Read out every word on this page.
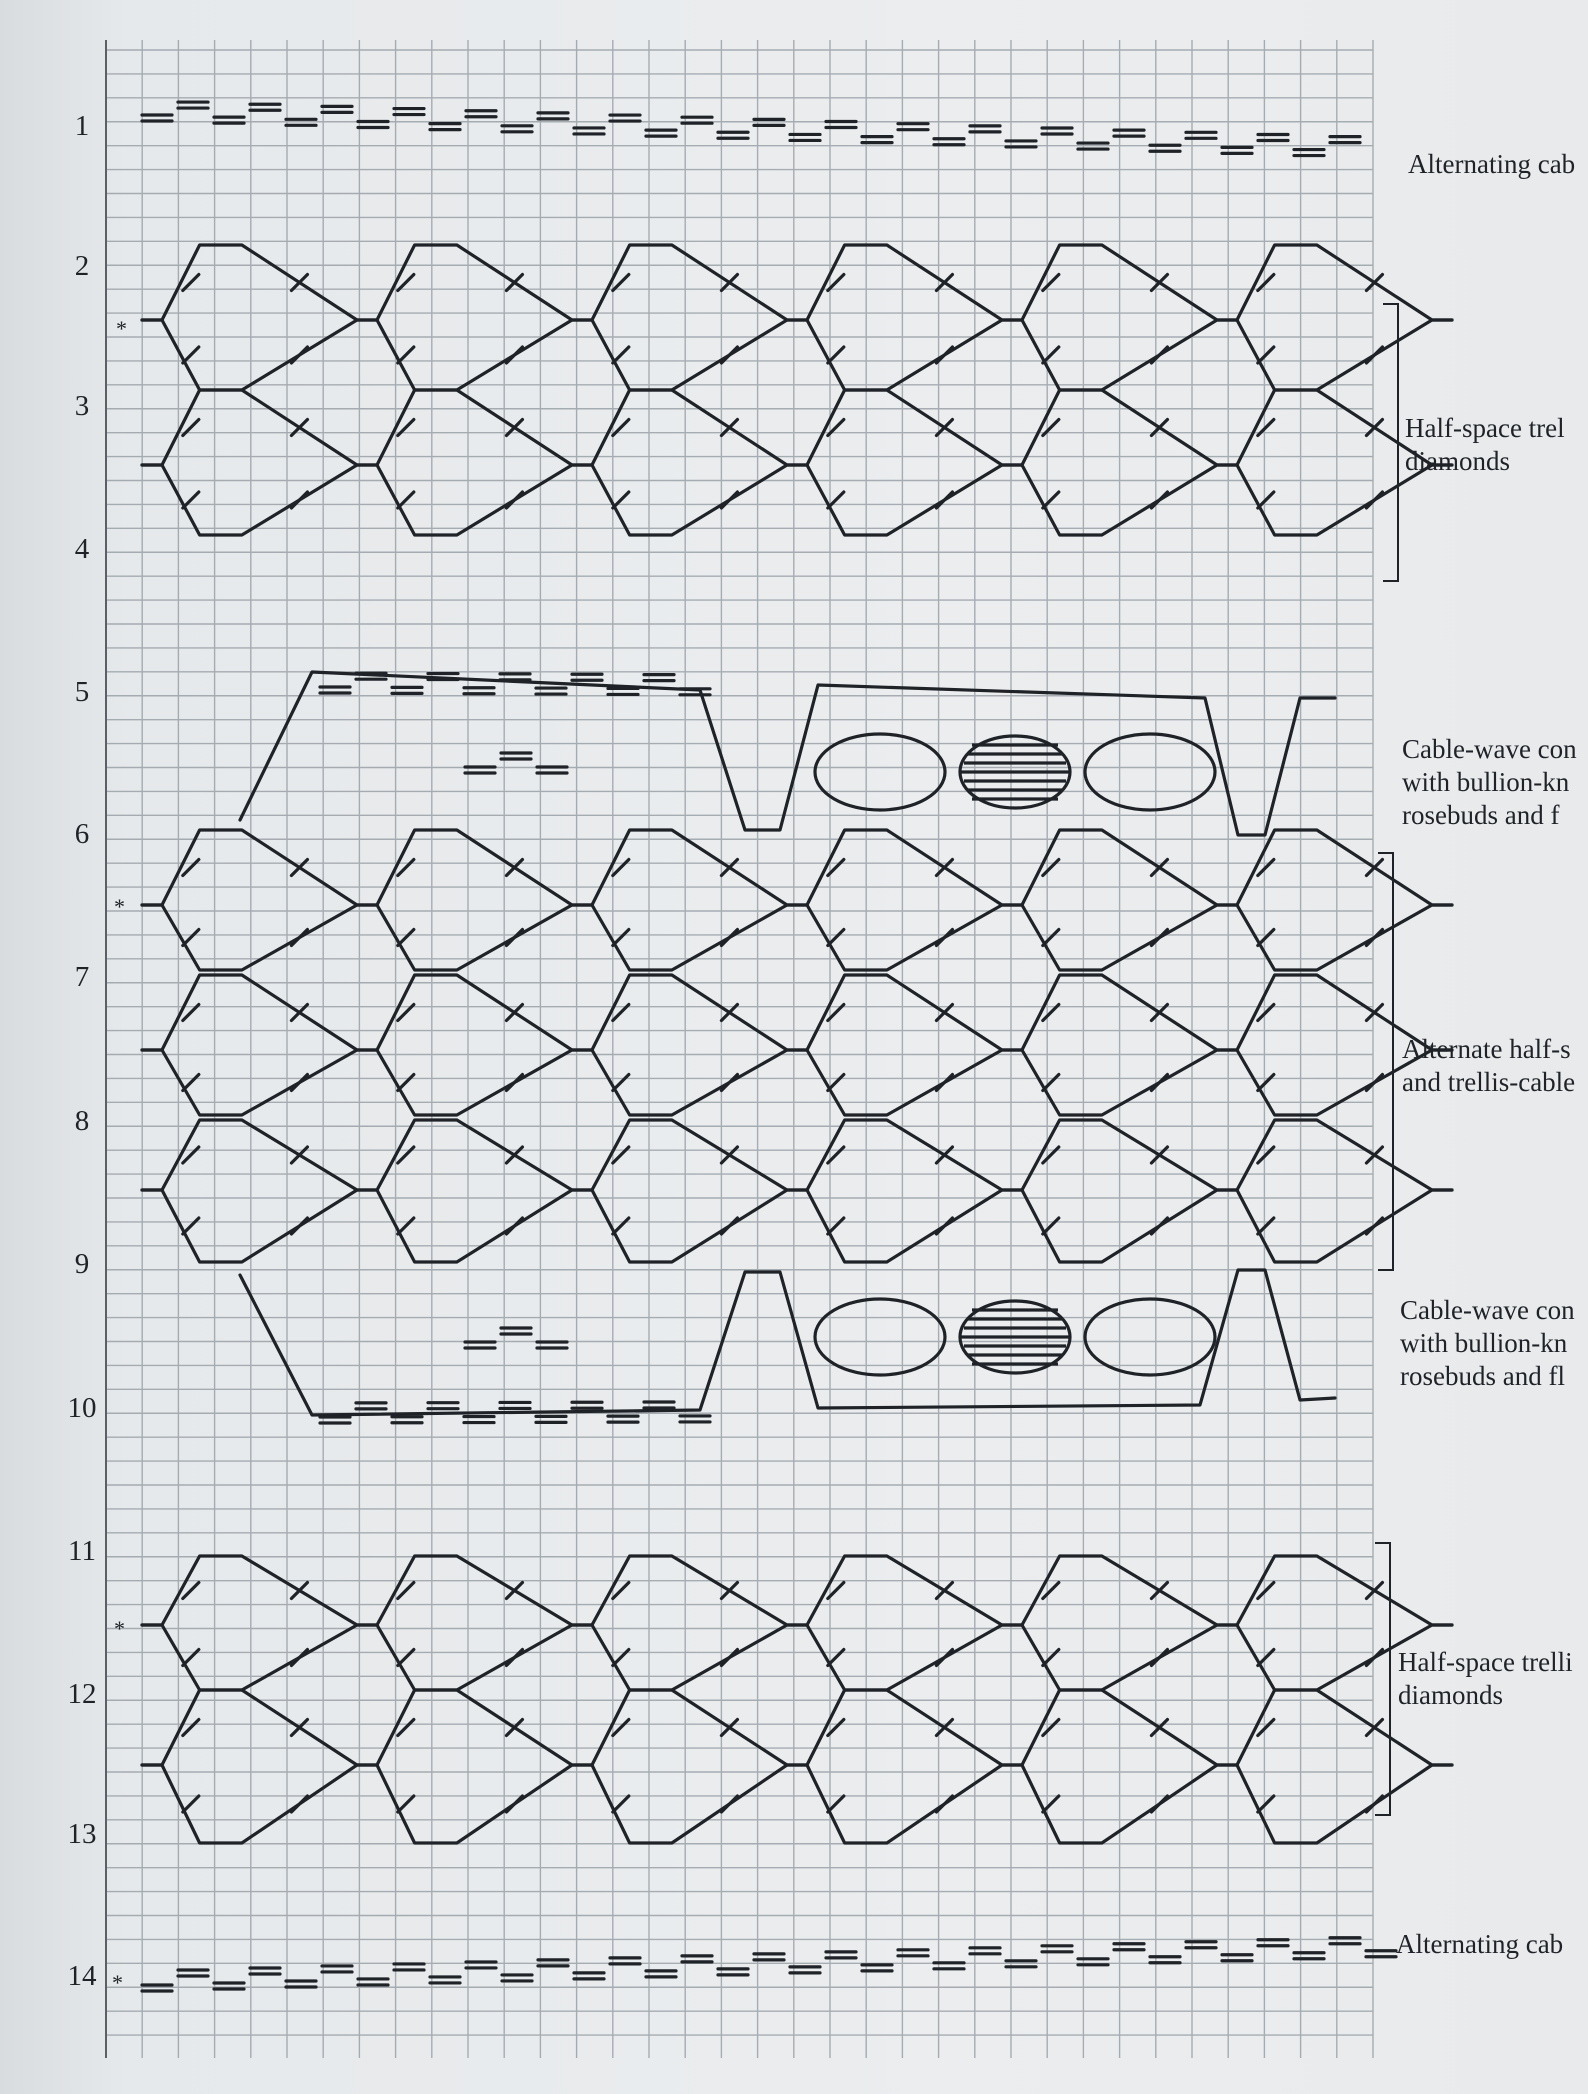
1
2
3
4
5
6
7
8
9
10
11
12
13
14
*
*
*
*
Alternating cab
Half-space trel
diamonds
Cable-wave con
with bullion-kn
rosebuds and f
Alternate half-s
and trellis-cable
Cable-wave con
with bullion-kn
rosebuds and fl
Half-space trelli
diamonds
Alternating cab
